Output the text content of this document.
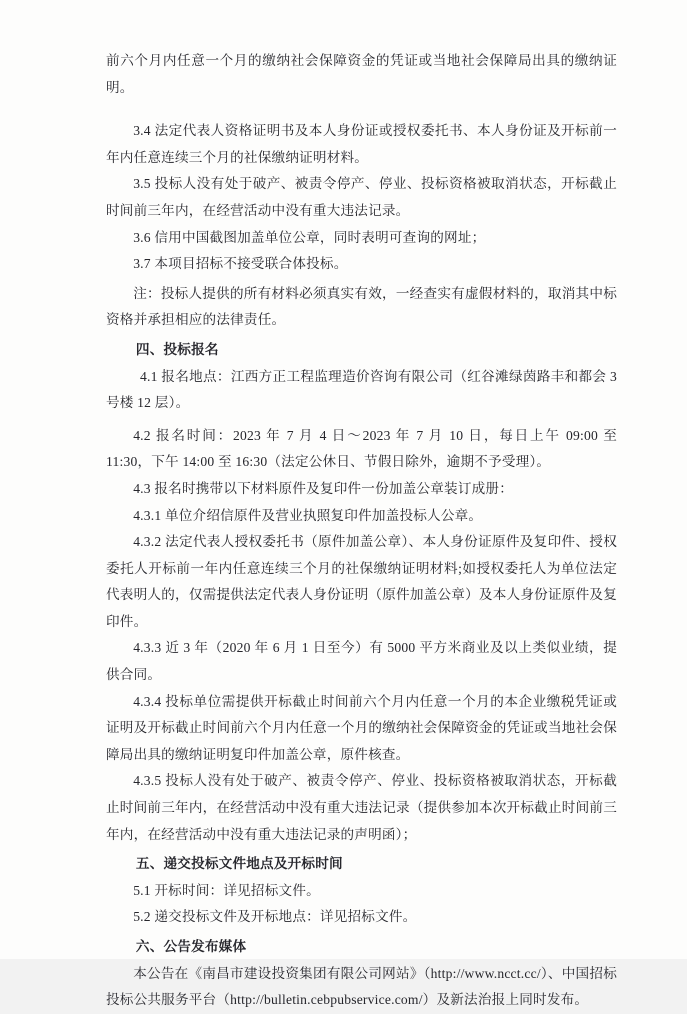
前六个月内任意一个月的缴纳社会保障资金的凭证或当地社会保障局出具的缴纳证明。

3.4 法定代表人资格证明书及本人身份证或授权委托书、本人身份证及开标前一年内任意连续三个月的社保缴纳证明材料。

3.5 投标人没有处于破产、被责令停产、停业、投标资格被取消状态，开标截止时间前三年内，在经营活动中没有重大违法记录。

3.6 信用中国截图加盖单位公章，同时表明可查询的网址；

3.7 本项目招标不接受联合体投标。

注：投标人提供的所有材料必须真实有效，一经查实有虚假材料的，取消其中标资格并承担相应的法律责任。

四、投标报名

4.1 报名地点：江西方正工程监理造价咨询有限公司（红谷滩绿茵路丰和都会 3 号楼 12 层）。

4.2 报名时间：2023 年 7 月 4 日～2023 年 7 月 10 日，每日上午 09:00 至 11:30，下午 14:00 至 16:30（法定公休日、节假日除外，逾期不予受理）。

4.3 报名时携带以下材料原件及复印件一份加盖公章装订成册：

4.3.1 单位介绍信原件及营业执照复印件加盖投标人公章。

4.3.2 法定代表人授权委托书（原件加盖公章）、本人身份证原件及复印件、授权委托人开标前一年内任意连续三个月的社保缴纳证明材料;如授权委托人为单位法定代表明人的，仅需提供法定代表人身份证明（原件加盖公章）及本人身份证原件及复印件。

4.3.3 近 3 年（2020 年 6 月 1 日至今）有 5000 平方米商业及以上类似业绩，提供合同。

4.3.4 投标单位需提供开标截止时间前六个月内任意一个月的本企业缴税凭证或证明及开标截止时间前六个月内任意一个月的缴纳社会保障资金的凭证或当地社会保障局出具的缴纳证明复印件加盖公章，原件核查。

4.3.5 投标人没有处于破产、被责令停产、停业、投标资格被取消状态，开标截止时间前三年内，在经营活动中没有重大违法记录（提供参加本次开标截止时间前三年内，在经营活动中没有重大违法记录的声明函）；

五、递交投标文件地点及开标时间

5.1 开标时间：详见招标文件。

5.2 递交投标文件及开标地点：详见招标文件。

六、公告发布媒体

本公告在《南昌市建设投资集团有限公司网站》（http://www.ncct.cc/）、中国招标投标公共服务平台（http://bulletin.cebpubservice.com/）及新法治报上同时发布。
